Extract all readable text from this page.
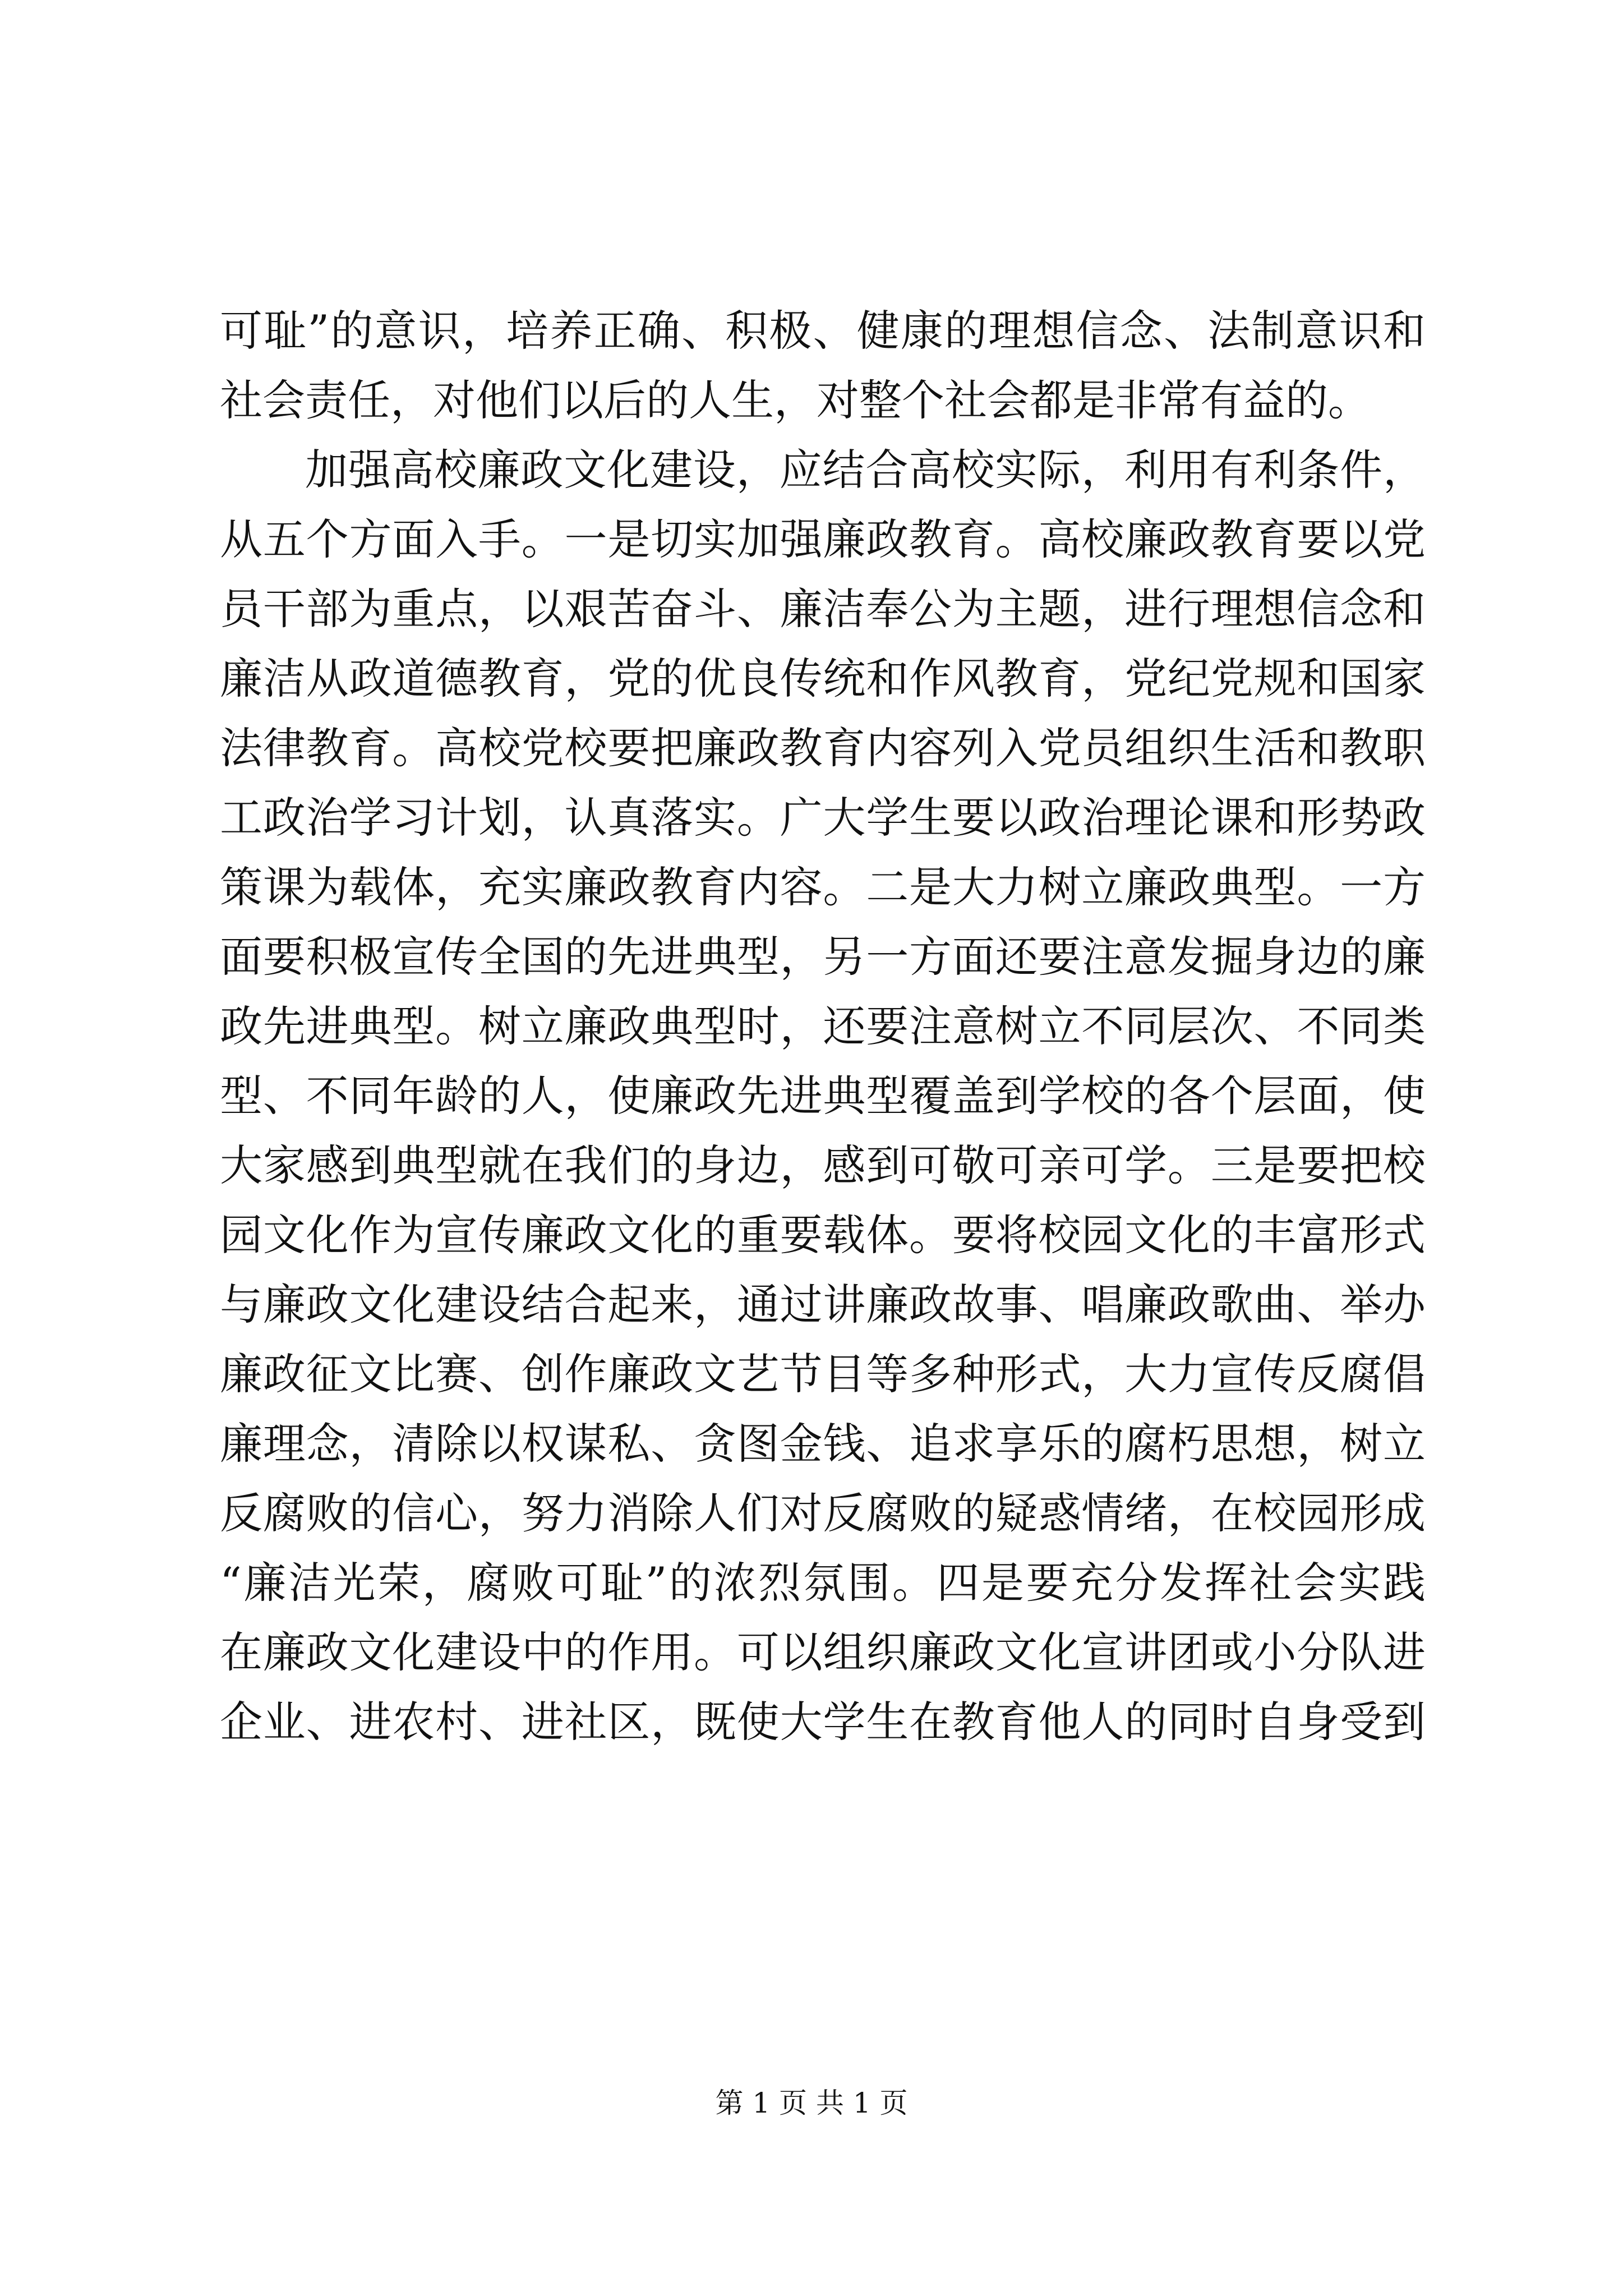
可耻”的意识，培养正确、积极、健康的理想信念、法制意识和
社会责任，对他们以后的人生，对整个社会都是非常有益的。
加强高校廉政文化建设，应结合高校实际，利用有利条件，
从五个方面入手。一是切实加强廉政教育。高校廉政教育要以党
员干部为重点，以艰苦奋斗、廉洁奉公为主题，进行理想信念和
廉洁从政道德教育，党的优良传统和作风教育，党纪党规和国家
法律教育。高校党校要把廉政教育内容列入党员组织生活和教职
工政治学习计划，认真落实。广大学生要以政治理论课和形势政
策课为载体，充实廉政教育内容。二是大力树立廉政典型。一方
面要积极宣传全国的先进典型，另一方面还要注意发掘身边的廉
政先进典型。树立廉政典型时，还要注意树立不同层次、不同类
型、不同年龄的人，使廉政先进典型覆盖到学校的各个层面，使
大家感到典型就在我们的身边，感到可敬可亲可学。三是要把校
园文化作为宣传廉政文化的重要载体。要将校园文化的丰富形式
与廉政文化建设结合起来，通过讲廉政故事、唱廉政歌曲、举办
廉政征文比赛、创作廉政文艺节目等多种形式，大力宣传反腐倡
廉理念，清除以权谋私、贪图金钱、追求享乐的腐朽思想，树立
反腐败的信心，努力消除人们对反腐败的疑惑情绪，在校园形成
“廉洁光荣，腐败可耻”的浓烈氛围。四是要充分发挥社会实践
在廉政文化建设中的作用。可以组织廉政文化宣讲团或小分队进
企业、进农村、进社区，既使大学生在教育他人的同时自身受到
第 1 页 共 1 页
